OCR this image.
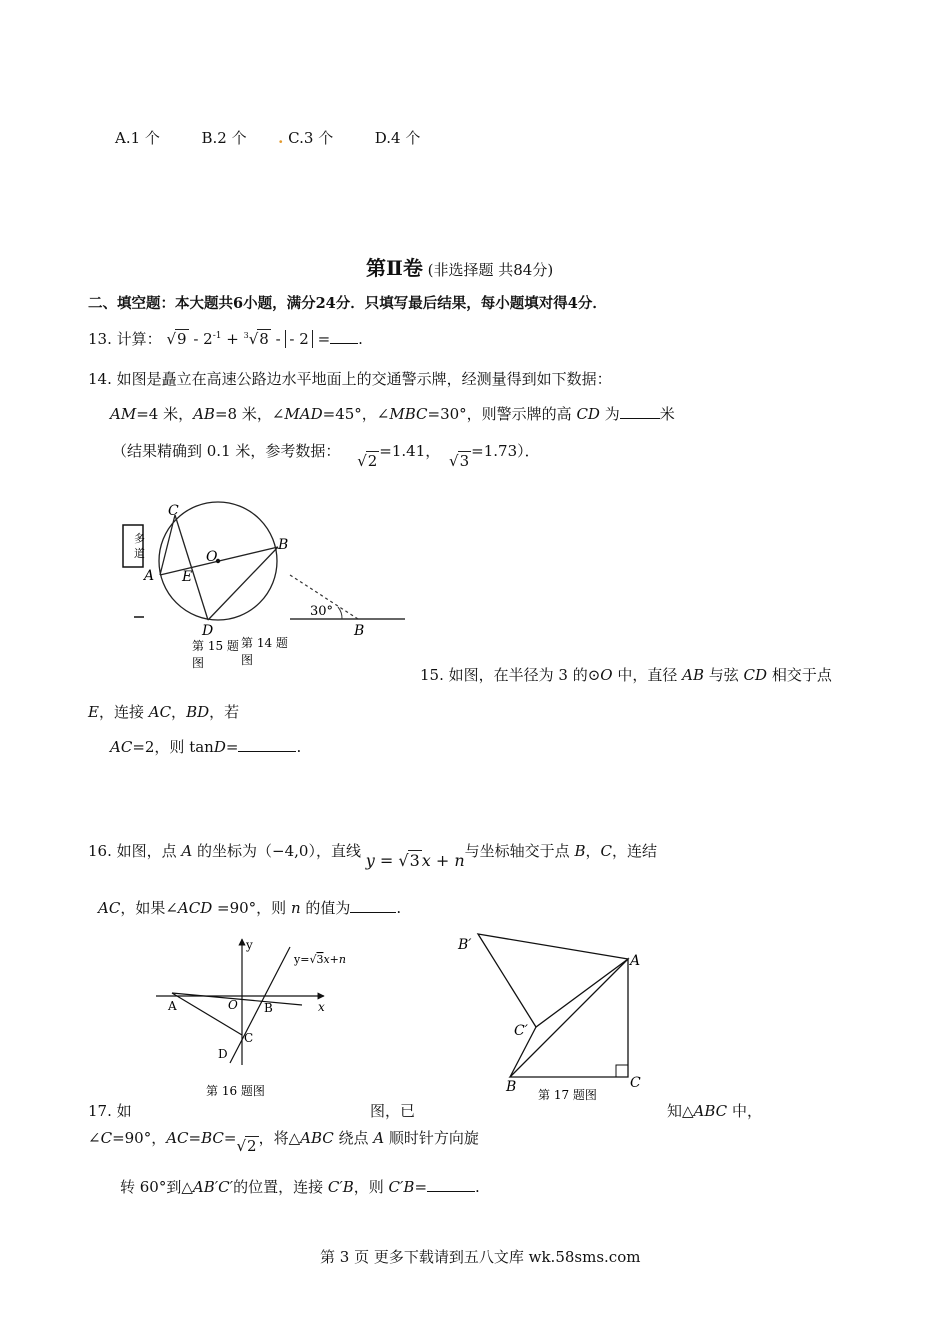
A.1 个	B.2 个 . C.3 个	D.4 个
第Ⅱ卷 (非选择题 共84分)
二、填空题：本大题共6小题，满分24分．只填写最后结果，每小题填对得4分．
13. 计算： $√9 - 2^{-1} + ^3√8$ - - 2 = .
14. 如图是矗立在高速公路边水平地面上的交通警示牌，经测量得到如下数据：
AM=4 米，AB=8 米，∠MAD=45°，∠MBC=30°，则警示牌的高 CD 为	米
（结果精确到 0.1 米，参考数据： √2=1.41， √3=1.73）．
多
道
C
O
B
A E
D
30°
B
第 15 题
图
第 14 题
图
15. 如图，在半径为 3 的⊙O 中，直径 AB 与弦 CD 相交于点
E，连接 AC，BD，若
AC=2，则 tanD=	.
16. 如图，点 A 的坐标为（−4,0），直线 y = √3 x + n与坐标轴交于点 B，C，连结
AC，如果∠ACD =90°，则 n 的值为	.
y
x
O
A	B
C
D
y=√3x+n
第 16 题图
B′
A
C′
B	C
第 17 题图
17. 如	图，已	知△ABC 中，
∠C=90°，AC=BC=√2 ，将△ABC 绕点 A 顺时针方向旋
转 60°到△AB′C′的位置，连接 C′B，则 C′B=	.
第 3 页 更多下载请到五八文库 wk.58sms.com
